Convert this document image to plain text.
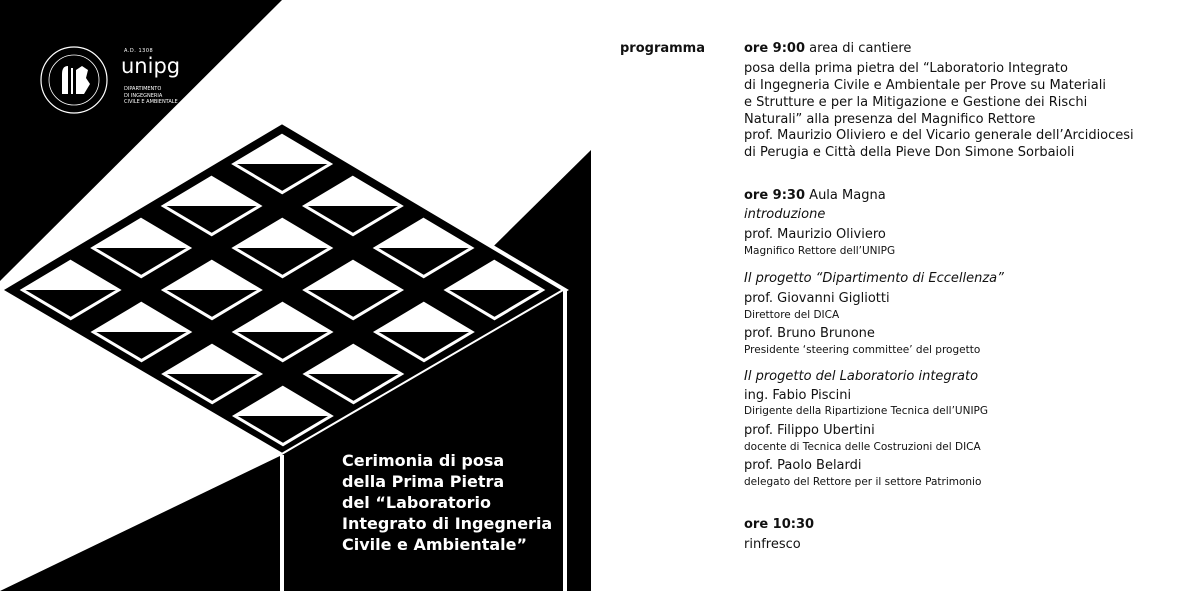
A.D. 1308
unipg
DIPARTIMENTO
DI INGEGNERIA
CIVILE E AMBIENTALE
7 luglio 2023
ore 9:00
Perugia - Polo di Ingegneria
via Goffredo Duranti, 93
Cerimonia di posa
della Prima Pietra
del “Laboratorio
Integrato di Ingegneria
Civile e Ambientale”
programma	ore 9:00 area di cantiere
posa della prima pietra del “Laboratorio Integrato
di Ingegneria Civile e Ambientale per Prove su Materiali
e Strutture e per la Mitigazione e Gestione dei Rischi
Naturali” alla presenza del Magnifico Rettore
prof. Maurizio Oliviero e del Vicario generale dell’Arcidiocesi
di Perugia e Città della Pieve Don Simone Sorbaioli
ore 9:30 Aula Magna
introduzione
prof. Maurizio Oliviero
Magnifico Rettore dell’UNIPG
Il progetto “Dipartimento di Eccellenza”
prof. Giovanni Gigliotti
Direttore del DICA
prof. Bruno Brunone
Presidente ‘steering committee’ del progetto
Il progetto del Laboratorio integrato
ing. Fabio Piscini
Dirigente della Ripartizione Tecnica dell’UNIPG
prof. Filippo Ubertini
docente di Tecnica delle Costruzioni del DICA
prof. Paolo Belardi
delegato del Rettore per il settore Patrimonio
ore 10:30
rinfresco
